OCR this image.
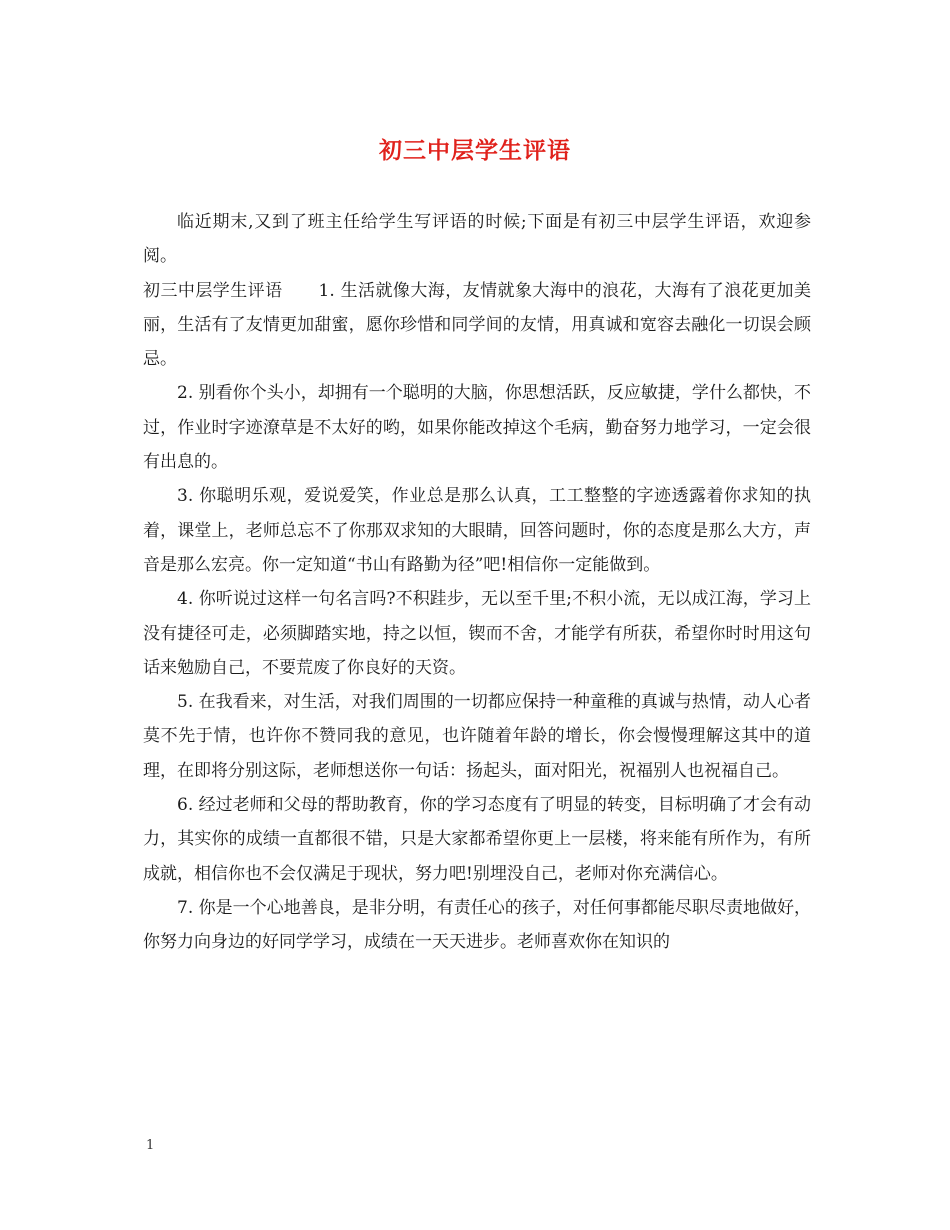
初三中层学生评语

临近期末,又到了班主任给学生写评语的时候;下面是有初三中层学生评语，欢迎参阅。

初三中层学生评语 1. 生活就像大海，友情就象大海中的浪花，大海有了浪花更加美丽，生活有了友情更加甜蜜，愿你珍惜和同学间的友情，用真诚和宽容去融化一切误会顾忌。

2. 别看你个头小，却拥有一个聪明的大脑，你思想活跃，反应敏捷，学什么都快，不过，作业时字迹潦草是不太好的哟，如果你能改掉这个毛病，勤奋努力地学习，一定会很有出息的。

3. 你聪明乐观，爱说爱笑，作业总是那么认真，工工整整的字迹透露着你求知的执着，课堂上，老师总忘不了你那双求知的大眼睛，回答问题时，你的态度是那么大方，声音是那么宏亮。你一定知道“书山有路勤为径”吧!相信你一定能做到。

4. 你听说过这样一句名言吗?不积跬步，无以至千里;不积小流，无以成江海，学习上没有捷径可走，必须脚踏实地，持之以恒，锲而不舍，才能学有所获，希望你时时用这句话来勉励自己，不要荒废了你良好的天资。

5. 在我看来，对生活，对我们周围的一切都应保持一种童稚的真诚与热情，动人心者莫不先于情，也许你不赞同我的意见，也许随着年龄的增长，你会慢慢理解这其中的道理，在即将分别这际，老师想送你一句话：扬起头，面对阳光，祝福别人也祝福自己。

6. 经过老师和父母的帮助教育，你的学习态度有了明显的转变，目标明确了才会有动力，其实你的成绩一直都很不错，只是大家都希望你更上一层楼，将来能有所作为，有所成就，相信你也不会仅满足于现状，努力吧!别埋没自己，老师对你充满信心。

7. 你是一个心地善良，是非分明，有责任心的孩子，对任何事都能尽职尽责地做好，你努力向身边的好同学学习，成绩在一天天进步。老师喜欢你在知识的

1
